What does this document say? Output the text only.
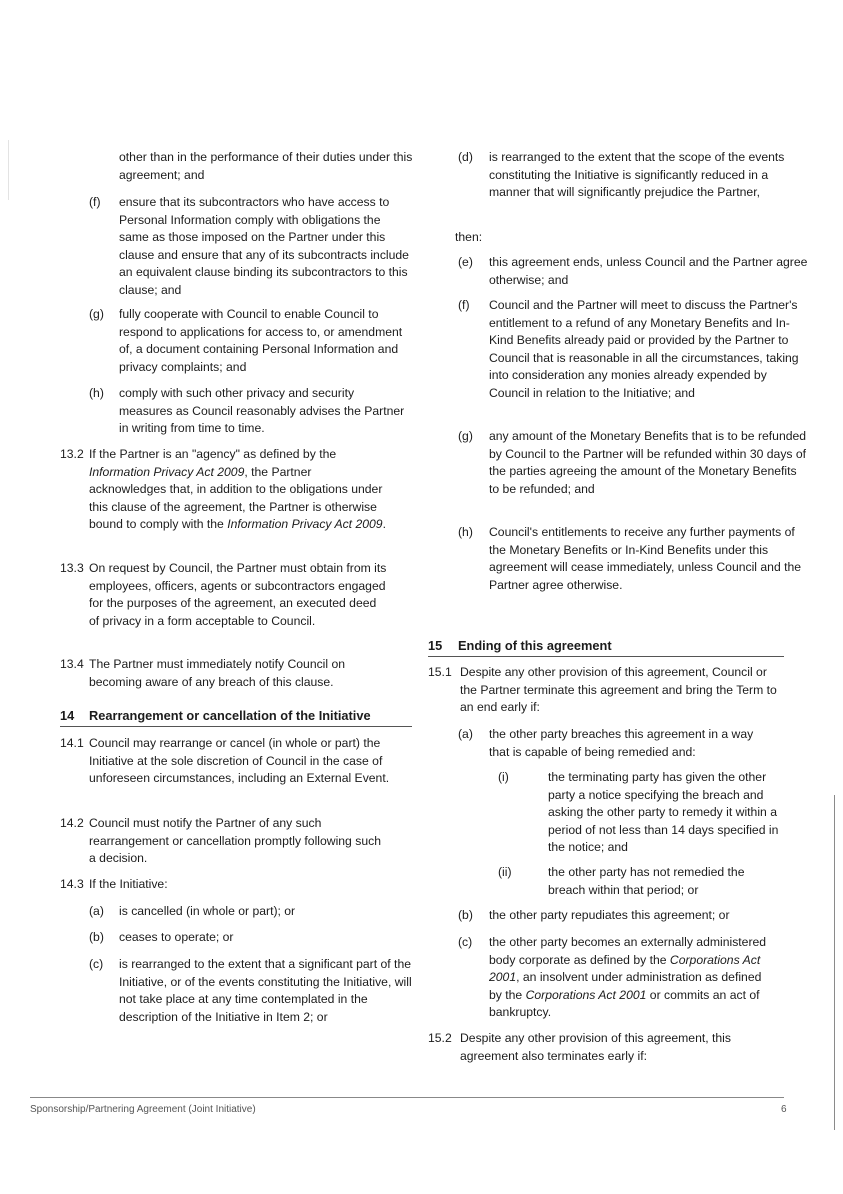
other than in the performance of their duties under this agreement; and
(f) ensure that its subcontractors who have access to Personal Information comply with obligations the same as those imposed on the Partner under this clause and ensure that any of its subcontracts include an equivalent clause binding its subcontractors to this clause; and
(g) fully cooperate with Council to enable Council to respond to applications for access to, or amendment of, a document containing Personal Information and privacy complaints; and
(h) comply with such other privacy and security measures as Council reasonably advises the Partner in writing from time to time.
13.2 If the Partner is an "agency" as defined by the Information Privacy Act 2009, the Partner acknowledges that, in addition to the obligations under this clause of the agreement, the Partner is otherwise bound to comply with the Information Privacy Act 2009.
13.3 On request by Council, the Partner must obtain from its employees, officers, agents or subcontractors engaged for the purposes of the agreement, an executed deed of privacy in a form acceptable to Council.
13.4 The Partner must immediately notify Council on becoming aware of any breach of this clause.
14 Rearrangement or cancellation of the Initiative
14.1 Council may rearrange or cancel (in whole or part) the Initiative at the sole discretion of Council in the case of unforeseen circumstances, including an External Event.
14.2 Council must notify the Partner of any such rearrangement or cancellation promptly following such a decision.
14.3 If the Initiative:
(a) is cancelled (in whole or part); or
(b) ceases to operate; or
(c) is rearranged to the extent that a significant part of the Initiative, or of the events constituting the Initiative, will not take place at any time contemplated in the description of the Initiative in Item 2; or
(d) is rearranged to the extent that the scope of the events constituting the Initiative is significantly reduced in a manner that will significantly prejudice the Partner,
then:
(e) this agreement ends, unless Council and the Partner agree otherwise; and
(f) Council and the Partner will meet to discuss the Partner's entitlement to a refund of any Monetary Benefits and In-Kind Benefits already paid or provided by the Partner to Council that is reasonable in all the circumstances, taking into consideration any monies already expended by Council in relation to the Initiative; and
(g) any amount of the Monetary Benefits that is to be refunded by Council to the Partner will be refunded within 30 days of the parties agreeing the amount of the Monetary Benefits to be refunded; and
(h) Council's entitlements to receive any further payments of the Monetary Benefits or In-Kind Benefits under this agreement will cease immediately, unless Council and the Partner agree otherwise.
15 Ending of this agreement
15.1 Despite any other provision of this agreement, Council or the Partner terminate this agreement and bring the Term to an end early if:
(a) the other party breaches this agreement in a way that is capable of being remedied and:
(i)	the terminating party has given the other party a notice specifying the breach and asking the other party to remedy it within a period of not less than 14 days specified in the notice; and
(ii)	the other party has not remedied the breach within that period; or
(b) the other party repudiates this agreement; or
(c) the other party becomes an externally administered body corporate as defined by the Corporations Act 2001, an insolvent under administration as defined by the Corporations Act 2001 or commits an act of bankruptcy.
15.2 Despite any other provision of this agreement, this agreement also terminates early if:
Sponsorship/Partnering Agreement (Joint Initiative)	6
